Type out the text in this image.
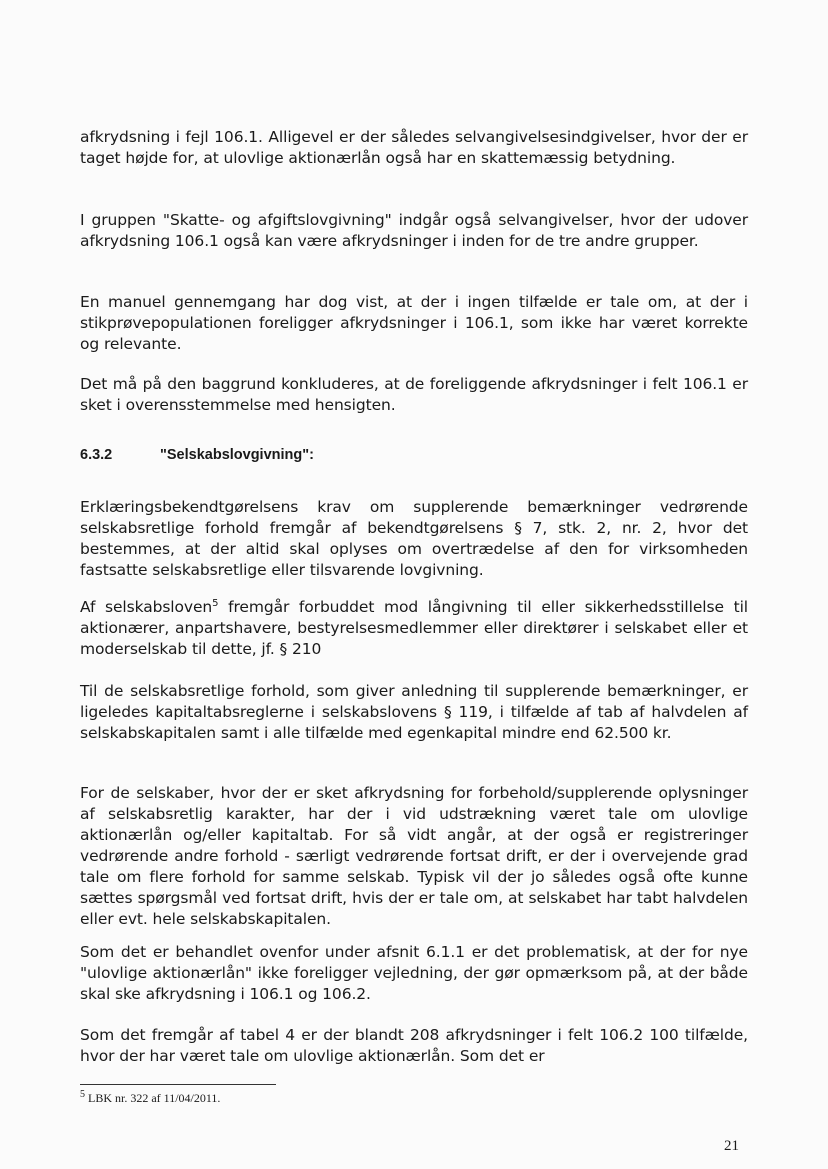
afkrydsning i fejl 106.1. Alligevel er der således selvangivelsesindgivelser, hvor der er taget højde for, at ulovlige aktionærlån også har en skattemæssig betydning.

I gruppen "Skatte- og afgiftslovgivning" indgår også selvangivelser, hvor der udover afkrydsning 106.1 også kan være afkrydsninger i inden for de tre andre grupper.

En manuel gennemgang har dog vist, at der i ingen tilfælde er tale om, at der i stikprøvepopulationen foreligger afkrydsninger i 106.1, som ikke har været korrekte og relevante.

Det må på den baggrund konkluderes, at de foreliggende afkrydsninger i felt 106.1 er sket i overensstemmelse med hensigten.

6.3.2	"Selskabslovgivning":

Erklæringsbekendtgørelsens krav om supplerende bemærkninger vedrørende selskabsretlige forhold fremgår af bekendtgørelsens § 7, stk. 2, nr. 2, hvor det bestemmes, at der altid skal oplyses om overtrædelse af den for virksomheden fastsatte selskabsretlige eller tilsvarende lovgivning.

Af selskabsloven$^5$ fremgår forbuddet mod långivning til eller sikkerhedsstillelse til aktionærer, anpartshavere, bestyrelsesmedlemmer eller direktører i selskabet eller et moderselskab til dette, jf. § 210

Til de selskabsretlige forhold, som giver anledning til supplerende bemærkninger, er ligeledes kapitaltabsreglerne i selskabslovens § 119, i tilfælde af tab af halvdelen af selskabskapitalen samt i alle tilfælde med egenkapital mindre end 62.500 kr.

For de selskaber, hvor der er sket afkrydsning for forbehold/supplerende oplysninger af selskabsretlig karakter, har der i vid udstrækning været tale om ulovlige aktionærlån og/eller kapitaltab. For så vidt angår, at der også er registreringer vedrørende andre forhold - særligt vedrørende fortsat drift, er der i overvejende grad tale om flere forhold for samme selskab. Typisk vil der jo således også ofte kunne sættes spørgsmål ved fortsat drift, hvis der er tale om, at selskabet har tabt halvdelen eller evt. hele selskabskapitalen.

Som det er behandlet ovenfor under afsnit 6.1.1 er det problematisk, at der for nye "ulovlige aktionærlån" ikke foreligger vejledning, der gør opmærksom på, at der både skal ske afkrydsning i 106.1 og 106.2.

Som det fremgår af tabel 4 er der blandt 208 afkrydsninger i felt 106.2 100 tilfælde, hvor der har været tale om ulovlige aktionærlån. Som det er

$^5$ LBK nr. 322 af 11/04/2011.
21
